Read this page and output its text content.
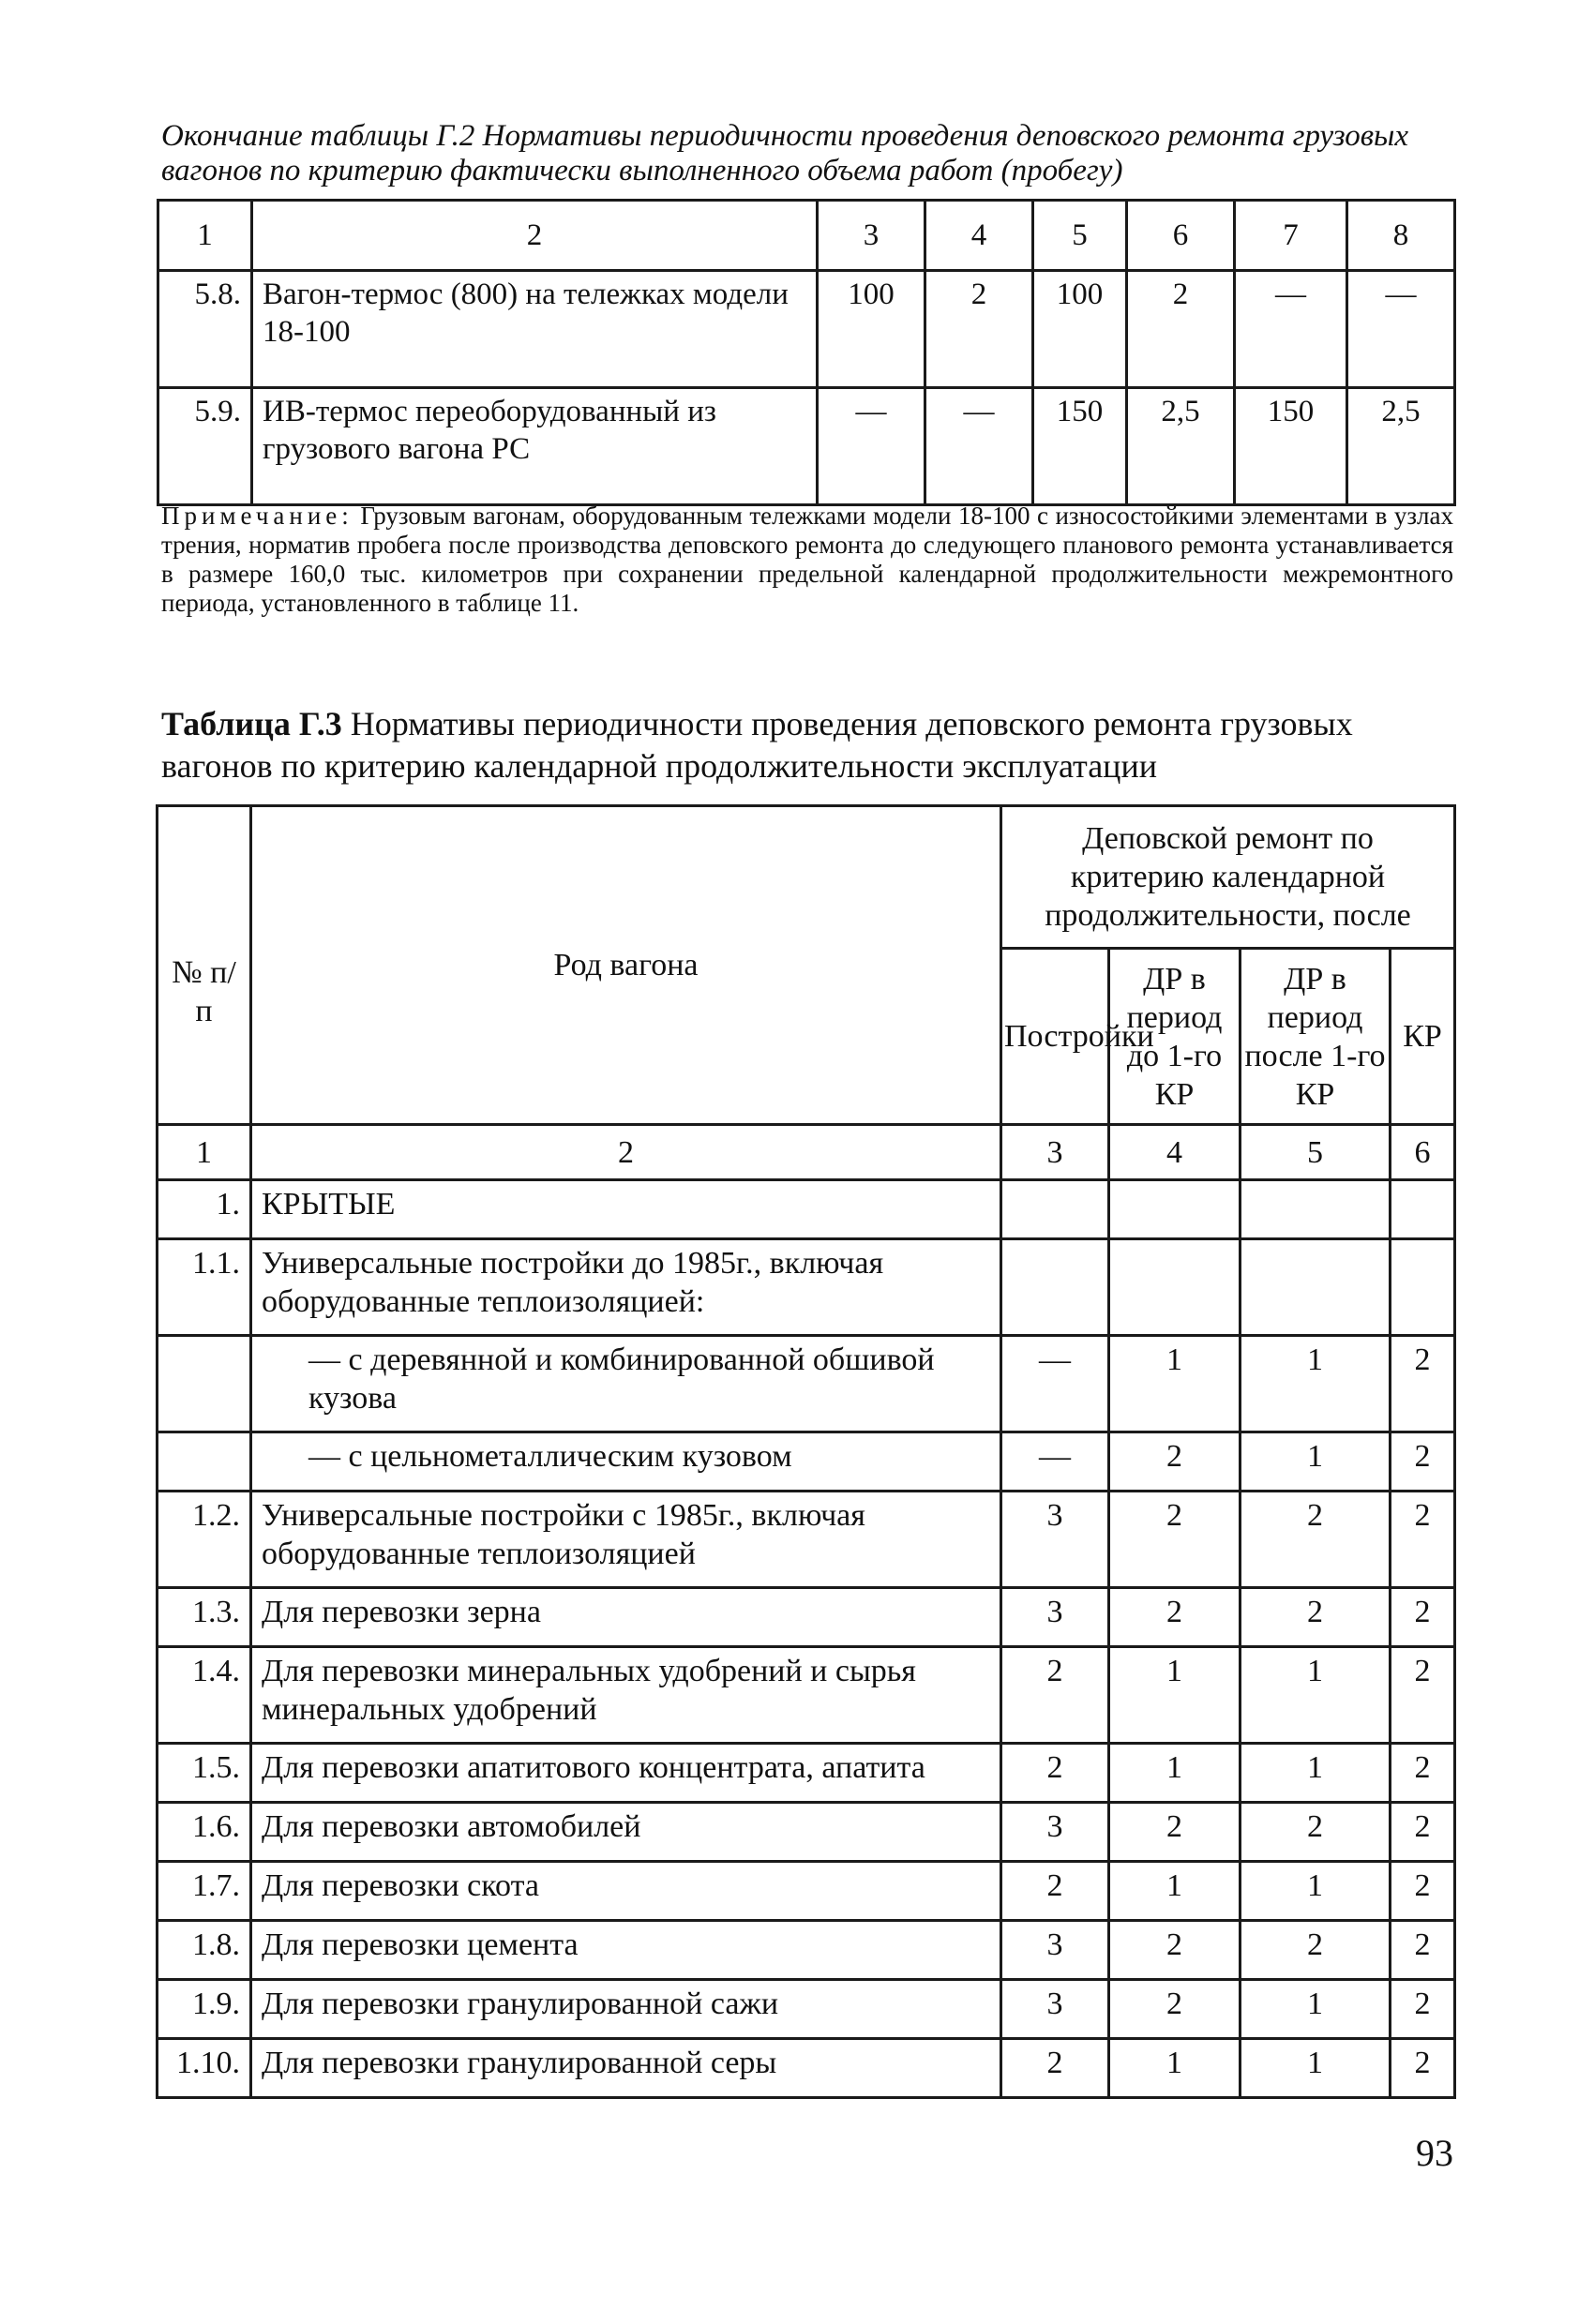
Окончание таблицы Г.2 Нормативы периодичности проведения деповского ремонта грузовых вагонов по критерию фактически выполненного объема работ (пробегу)
1	2	3	4	5	6	7	8
5.8.	Вагон-термос (800) на тележках модели 18-100	100	2	100	2	—	—
5.9.	ИВ-термос переоборудованный из грузового вагона РС	—	—	150	2,5	150	2,5
Примечание: Грузовым вагонам, оборудованным тележками модели 18-100 с износостойкими элементами в узлах трения, норматив пробега после производства деповского ремонта до следующего планового ремонта устанавливается в размере 160,0 тыс. километров при сохранении предельной календарной продолжительности межремонтного периода, установленного в таблице 11.
Таблица Г.3 Нормативы периодичности проведения деповского ремонта грузовых вагонов по критерию календарной продолжительности эксплуатации
№ п/п	Род вагона	Деповской ремонт по критерию календарной продолжительности, после			
		Постройки	ДР в период до 1-го КР	ДР в период после 1-го КР	КР
1	2	3	4	5	6
1.	КРЫТЫЕ				
1.1.	Универсальные постройки до 1985г., включая оборудованные теплоизоляцией:				
	— с деревянной и комбинированной обшивой кузова	—	1	1	2
	— с цельнометаллическим кузовом	—	2	1	2
1.2.	Универсальные постройки с 1985г., включая оборудованные теплоизоляцией	3	2	2	2
1.3.	Для перевозки зерна	3	2	2	2
1.4.	Для перевозки минеральных удобрений и сырья минеральных удобрений	2	1	1	2
1.5.	Для перевозки апатитового концентрата, апатита	2	1	1	2
1.6.	Для перевозки автомобилей	3	2	2	2
1.7.	Для перевозки скота	2	1	1	2
1.8.	Для перевозки цемента	3	2	2	2
1.9.	Для перевозки гранулированной сажи	3	2	1	2
1.10.	Для перевозки гранулированной серы	2	1	1	2
93
